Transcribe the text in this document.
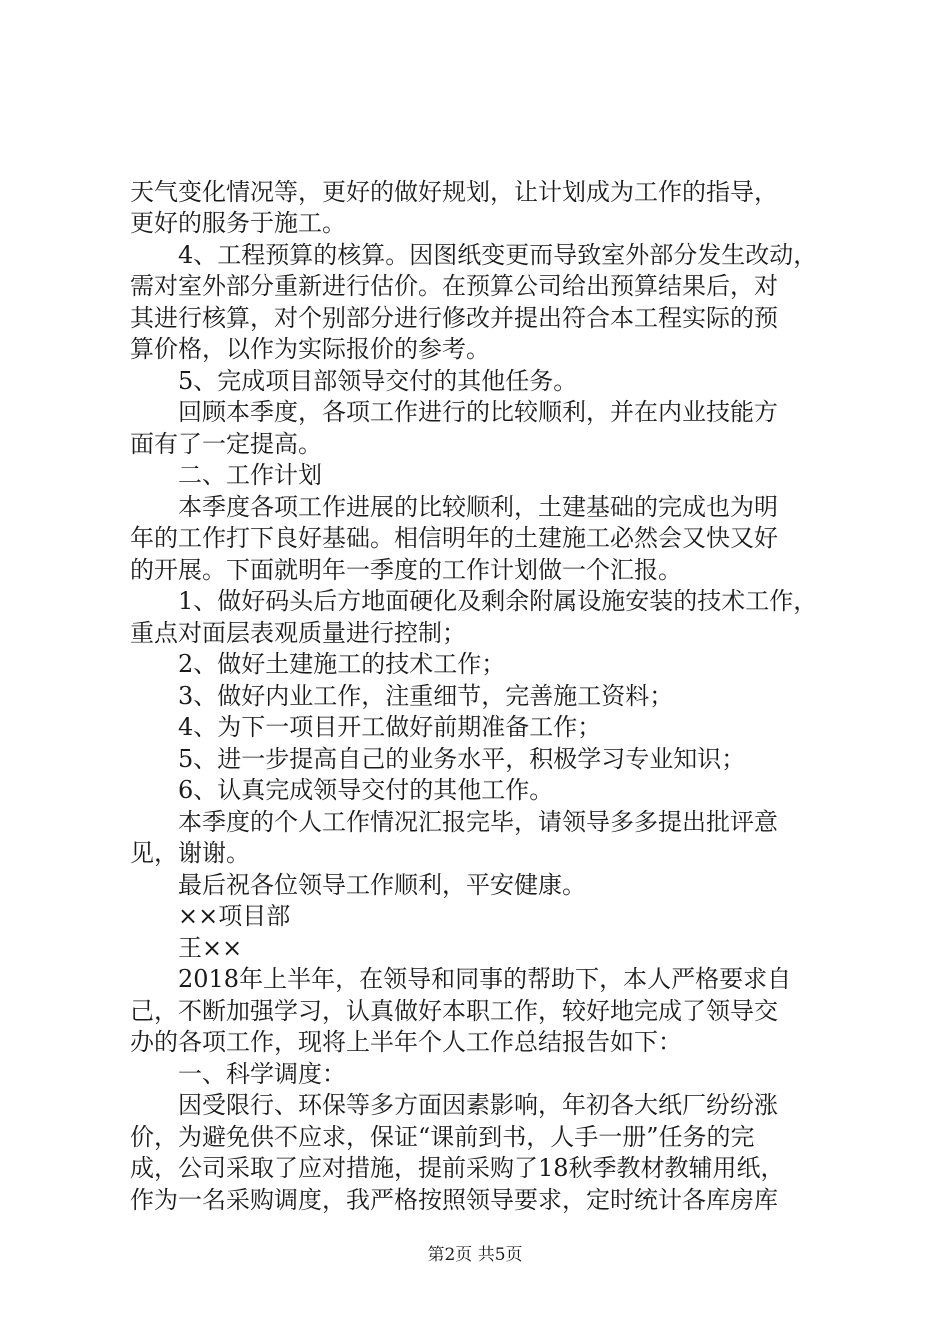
天气变化情况等，更好的做好规划，让计划成为工作的指导，
更好的服务于施工。
4、工程预算的核算。因图纸变更而导致室外部分发生改动，
需对室外部分重新进行估价。在预算公司给出预算结果后，对
其进行核算，对个别部分进行修改并提出符合本工程实际的预
算价格，以作为实际报价的参考。
5、完成项目部领导交付的其他任务。
回顾本季度，各项工作进行的比较顺利，并在内业技能方
面有了一定提高。
二、工作计划
本季度各项工作进展的比较顺利，土建基础的完成也为明
年的工作打下良好基础。相信明年的土建施工必然会又快又好
的开展。下面就明年一季度的工作计划做一个汇报。
1、做好码头后方地面硬化及剩余附属设施安装的技术工作，
重点对面层表观质量进行控制；
2、做好土建施工的技术工作；
3、做好内业工作，注重细节，完善施工资料；
4、为下一项目开工做好前期准备工作；
5、进一步提高自己的业务水平，积极学习专业知识；
6、认真完成领导交付的其他工作。
本季度的个人工作情况汇报完毕，请领导多多提出批评意
见，谢谢。
最后祝各位领导工作顺利，平安健康。
××项目部
王××
2018年上半年，在领导和同事的帮助下，本人严格要求自
己，不断加强学习，认真做好本职工作，较好地完成了领导交
办的各项工作，现将上半年个人工作总结报告如下：
一、科学调度：
因受限行、环保等多方面因素影响，年初各大纸厂纷纷涨
价，为避免供不应求，保证“课前到书，人手一册”任务的完
成，公司采取了应对措施，提前采购了18秋季教材教辅用纸，
作为一名采购调度，我严格按照领导要求，定时统计各库房库
第2页 共5页
